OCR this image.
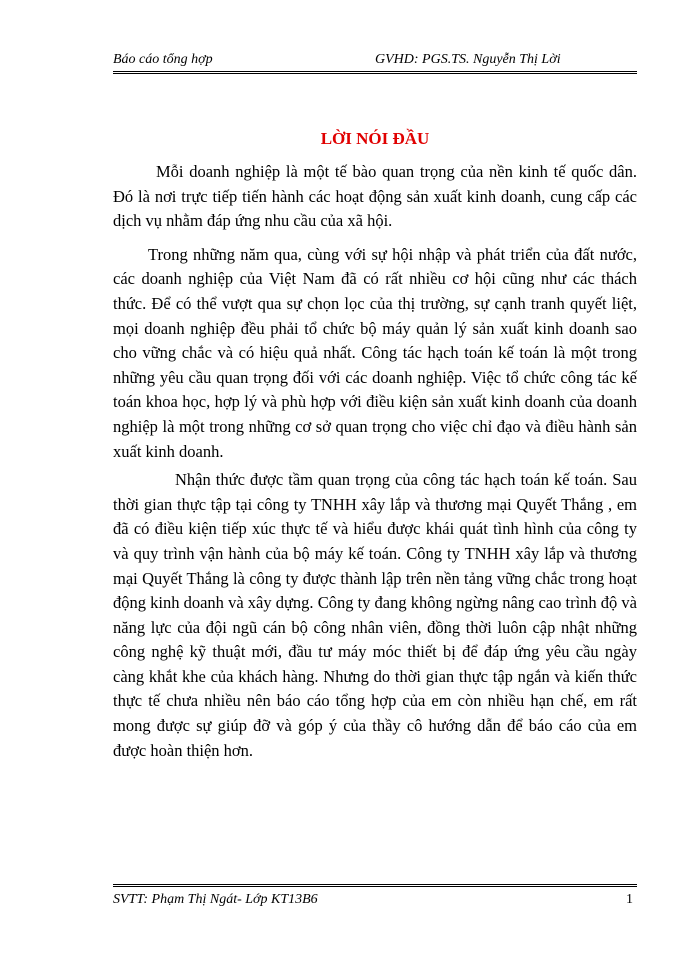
Báo cáo tổng hợp	GVHD: PGS.TS. Nguyễn Thị Lời
LỜI NÓI ĐẦU

Mỗi doanh nghiệp là một tế bào quan trọng của nền kinh tế quốc dân. Đó là nơi trực tiếp tiến hành các hoạt động sản xuất kinh doanh, cung cấp các dịch vụ nhằm đáp ứng nhu cầu của xã hội.

Trong những năm qua, cùng với sự hội nhập và phát triển của đất nước, các doanh nghiệp của Việt Nam đã có rất nhiều cơ hội cũng như các thách thức. Để có thể vượt qua sự chọn lọc của thị trường, sự cạnh tranh quyết liệt, mọi doanh nghiệp đều phải tổ chức bộ máy quản lý sản xuất kinh doanh sao cho vững chắc và có hiệu quả nhất. Công tác hạch toán kế toán là một trong những yêu cầu quan trọng đối với các doanh nghiệp. Việc tổ chức công tác kế toán khoa học, hợp lý và phù hợp với điều kiện sản xuất kinh doanh của doanh nghiệp là một trong những cơ sở quan trọng cho việc chỉ đạo và điều hành sản xuất kinh doanh.

Nhận thức được tầm quan trọng của công tác hạch toán kế toán. Sau thời gian thực tập tại công ty TNHH xây lắp và thương mại Quyết Thắng , em đã có điều kiện tiếp xúc thực tế và hiểu được khái quát tình hình của công ty và quy trình vận hành của bộ máy kế toán. Công ty TNHH xây lắp và thương mại Quyết Thắng là công ty được thành lập trên nền tảng vững chắc trong hoạt động kinh doanh và xây dựng. Công ty đang không ngừng nâng cao trình độ và năng lực của đội ngũ cán bộ công nhân viên, đồng thời luôn cập nhật những công nghệ kỹ thuật mới, đầu tư máy móc thiết bị để đáp ứng yêu cầu ngày càng khắt khe của khách hàng. Nhưng do thời gian thực tập ngắn và kiến thức thực tế chưa nhiều nên báo cáo tổng hợp của em còn nhiều hạn chế, em rất mong được sự giúp đỡ và góp ý của thầy cô hướng dẫn để báo cáo của em được hoàn thiện hơn.

SVTT: Phạm Thị Ngát- Lớp KT13B6	1
